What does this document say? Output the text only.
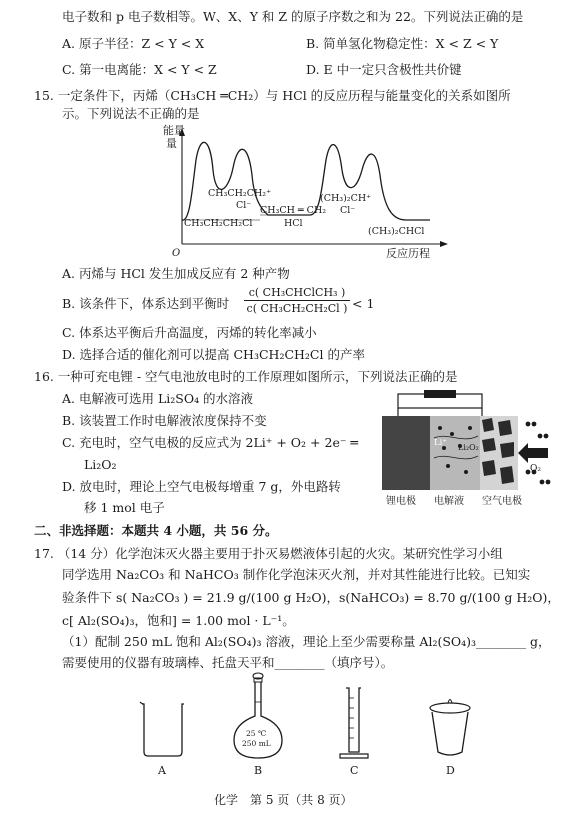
电子数和 p 电子数相等。W、X、Y 和 Z 的原子序数之和为 22。下列说法正确的是
A. 原子半径：Z < Y < X	B. 简单氢化物稳定性：X < Z < Y
C. 第一电离能：X < Y < Z	D. E 中一定只含极性共价键
15. 一定条件下，丙烯（CH₃CH ═CH₂）与 HCl 的反应历程与能量变化的关系如图所
示。下列说法不正确的是
能量
量
O	反应历程
CH₃CH₂CH₂⁺
Cl⁻
CH₃CH₂CH₂Cl
CH₃CH ═ CH₂
HCl
(CH₃)₂CH⁺
Cl⁻
(CH₃)₂CHCl
A. 丙烯与 HCl 发生加成反应有 2 种产物
B. 该条件下，体系达到平衡时
c( CH₃CHClCH₃ )
c( CH₃CH₂CH₂Cl ) < 1
C. 体系达平衡后升高温度，丙烯的转化率减小
D. 选择合适的催化剂可以提高 CH₃CH₂CH₂Cl 的产率
16. 一种可充电锂 - 空气电池放电时的工作原理如图所示，下列说法正确的是
A. 电解液可选用 Li₂SO₄ 的水溶液
B. 该装置工作时电解液浓度保持不变
C. 充电时，空气电极的反应式为 2Li⁺ + O₂ + 2e⁻ ═
Li₂O₂
D. 放电时，理论上空气电极每增重 7 g，外电路转
移 1 mol 电子
Li⁺ Li₂O₂
O₂
锂电极 电解液 空气电极
二、非选择题：本题共 4 小题，共 56 分。
17. （14 分）化学泡沫灭火器主要用于扑灭易燃液体引起的火灾。某研究性学习小组
同学选用 Na₂CO₃ 和 NaHCO₃ 制作化学泡沫灭火剂，并对其性能进行比较。已知实
验条件下 s( Na₂CO₃ ) = 21.9 g/(100 g H₂O)，s(NaHCO₃) = 8.70 g/(100 g H₂O)，
c[ Al₂(SO₄)₃，饱和] = 1.00 mol · L⁻¹。
（1）配制 250 mL 饱和 Al₂(SO₄)₃ 溶液，理论上至少需要称量 Al₂(SO₄)₃________ g，
需要使用的仪器有玻璃棒、托盘天平和________（填序号）。
A
25 ℃
250 mL
B	C	D
化学　第 5 页（共 8 页）
